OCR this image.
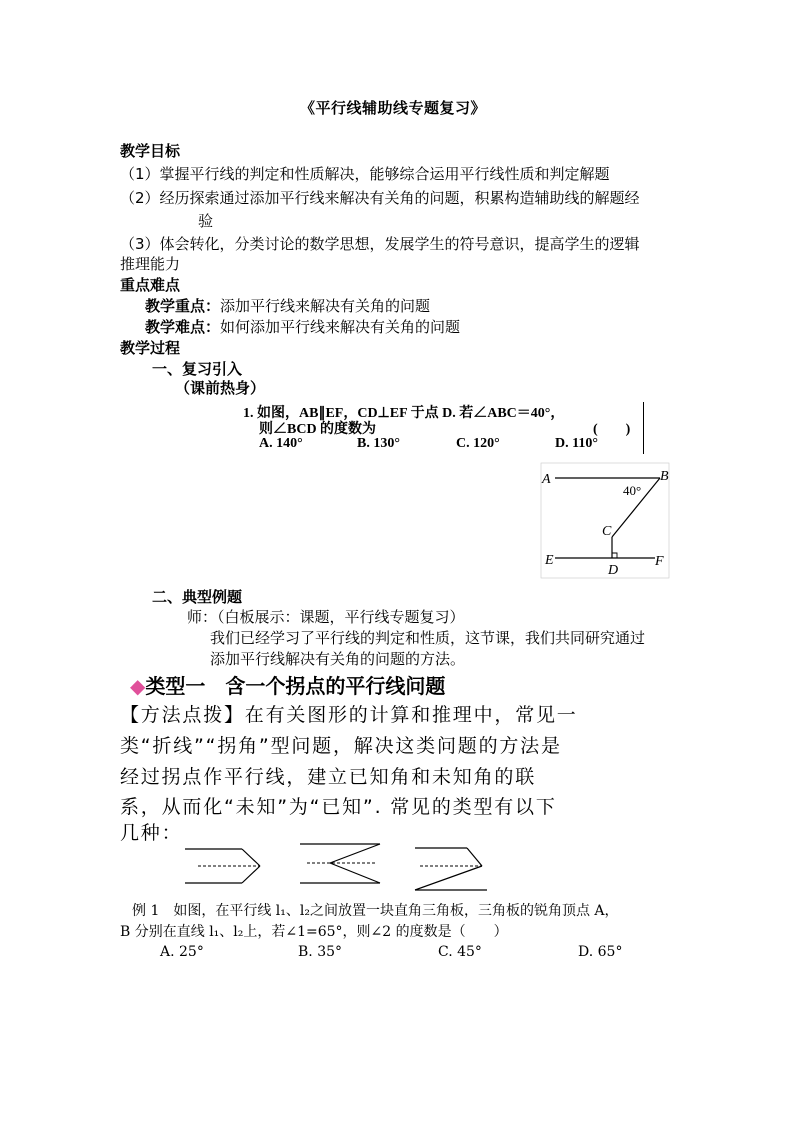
《平行线辅助线专题复习》
教学目标
（1）掌握平行线的判定和性质解决，能够综合运用平行线性质和判定解题
（2）经历探索通过添加平行线来解决有关角的问题，积累构造辅助线的解题经
验
（3）体会转化，分类讨论的数学思想，发展学生的符号意识，提高学生的逻辑
推理能力
重点难点
教学重点：添加平行线来解决有关角的问题
教学难点：如何添加平行线来解决有关角的问题
教学过程
一、复习引入
（课前热身）
1. 如图，AB∥EF，CD⊥EF 于点 D. 若∠ABC＝40°，
则∠BCD 的度数为	(　　)
A. 140°	B. 130°	C. 120°	D. 110°
A	B
40°
C
E
D
F
二、典型例题
师：（白板展示：课题，平行线专题复习）
我们已经学习了平行线的判定和性质，这节课，我们共同研究通过
添加平行线解决有关角的问题的方法。
◆类型一　含一个拐点的平行线问题
【方法点拨】在有关图形的计算和推理中，常见一
类“折线”“拐角”型问题，解决这类问题的方法是
经过拐点作平行线，建立已知角和未知角的联
系，从而化“未知”为“已知”. 常见的类型有以下
几种：
例 1　如图，在平行线 l₁、l₂之间放置一块直角三角板，三角板的锐角顶点 A，
B 分别在直线 l₁、l₂上，若∠1=65°，则∠2 的度数是（　　）
A. 25°	B. 35°	C. 45°	D. 65°
